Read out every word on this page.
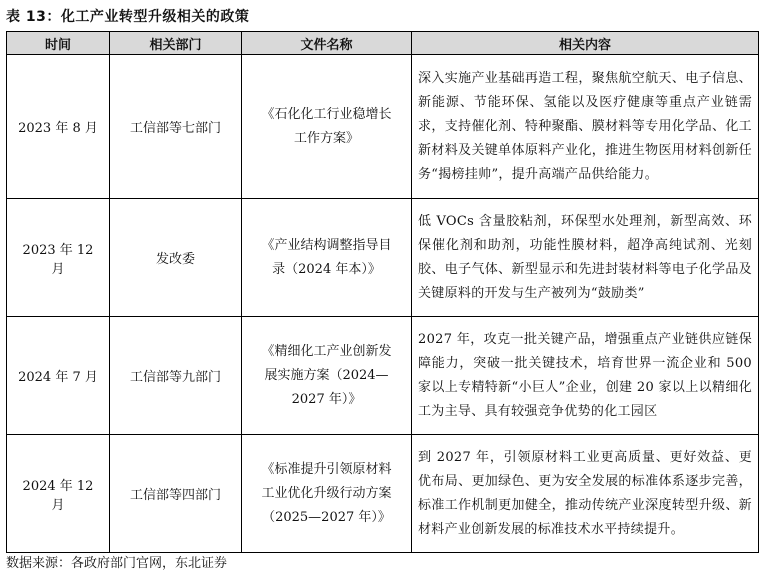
表 13：化工产业转型升级相关的政策
时间	相关部门	文件名称	相关内容
2023 年 8 月	工信部等七部门	《石化化工行业稳增长工作方案》	深入实施产业基础再造工程，聚焦航空航天、电子信息、新能源、节能环保、氢能以及医疗健康等重点产业链需求，支持催化剂、特种聚酯、膜材料等专用化学品、化工新材料及关键单体原料产业化，推进生物医用材料创新任务“揭榜挂帅”，提升高端产品供给能力。
2023 年 12 月	发改委	《产业结构调整指导目录（2024 年本）》	低 VOCs 含量胶粘剂，环保型水处理剂，新型高效、环保催化剂和助剂，功能性膜材料，超净高纯试剂、光刻胶、电子气体、新型显示和先进封装材料等电子化学品及关键原料的开发与生产被列为“鼓励类”
2024 年 7 月	工信部等九部门	《精细化工产业创新发展实施方案（2024—2027 年）》	2027 年，攻克一批关键产品，增强重点产业链供应链保障能力，突破一批关键技术，培育世界一流企业和 500 家以上专精特新“小巨人”企业，创建 20 家以上以精细化工为主导、具有较强竞争优势的化工园区
2024 年 12 月	工信部等四部门	《标准提升引领原材料工业优化升级行动方案（2025—2027 年）》	到 2027 年，引领原材料工业更高质量、更好效益、更优布局、更加绿色、更为安全发展的标准体系逐步完善，标准工作机制更加健全，推动传统产业深度转型升级、新材料产业创新发展的标准技术水平持续提升。
数据来源：各政府部门官网，东北证券
